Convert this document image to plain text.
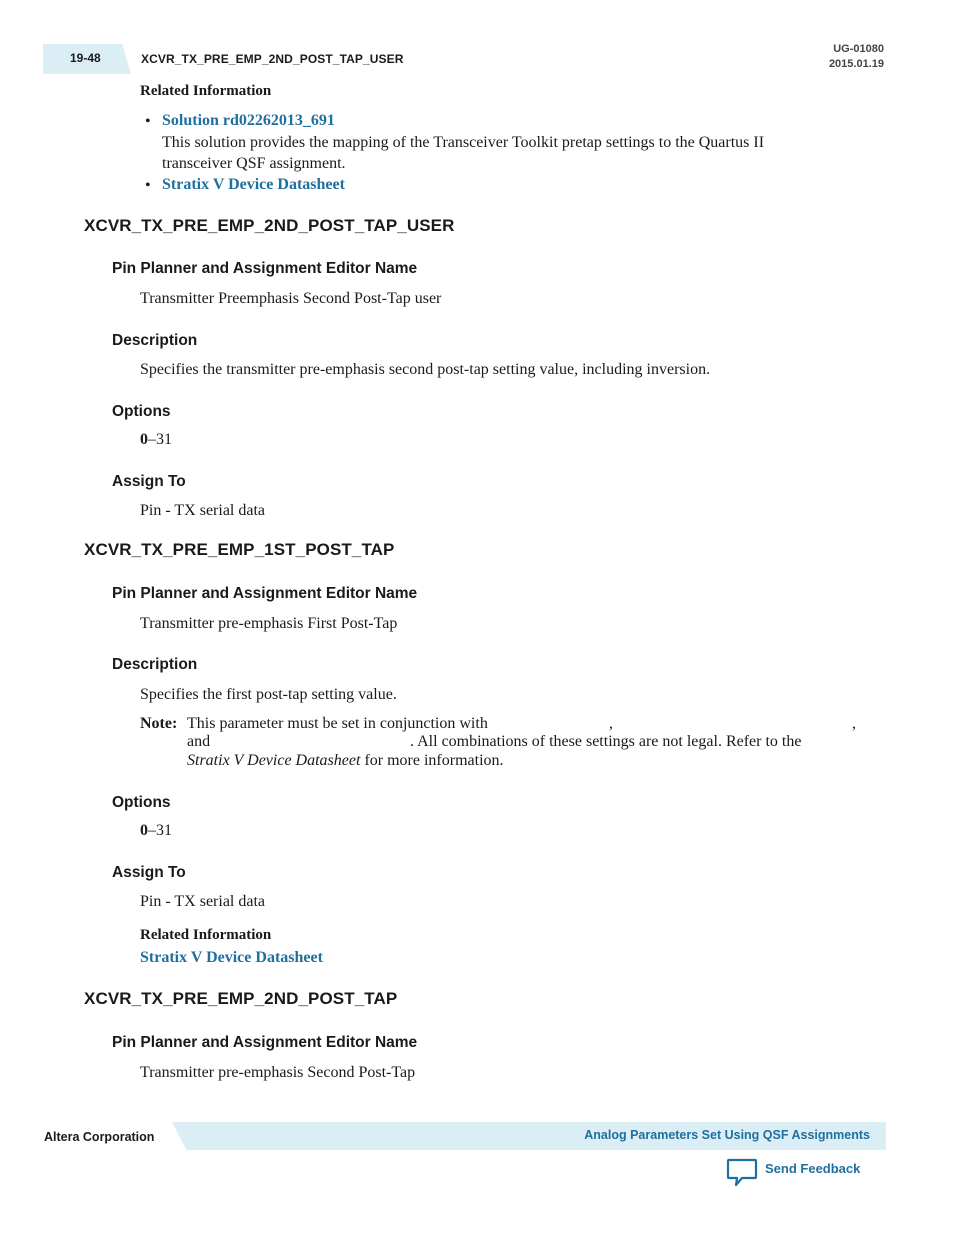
19-48	XCVR_TX_PRE_EMP_2ND_POST_TAP_USER
UG-01080
2015.01.19
Related Information
• Solution rd02262013_691
This solution provides the mapping of the Transceiver Toolkit pretap settings to the Quartus II
transceiver QSF assignment.
• Stratix V Device Datasheet
XCVR_TX_PRE_EMP_2ND_POST_TAP_USER
Pin Planner and Assignment Editor Name
Transmitter Preemphasis Second Post-Tap user
Description
Specifies the transmitter pre-emphasis second post-tap setting value, including inversion.
Options
0–31
Assign To
Pin - TX serial data
XCVR_TX_PRE_EMP_1ST_POST_TAP
Pin Planner and Assignment Editor Name
Transmitter pre-emphasis First Post-Tap
Description
Specifies the first post-tap setting value.
Note: This parameter must be set in conjunction with	,	,
and	. All combinations of these settings are not legal. Refer to the
Stratix V Device Datasheet for more information.
Options
0–31
Assign To
Pin - TX serial data
Related Information
Stratix V Device Datasheet
XCVR_TX_PRE_EMP_2ND_POST_TAP
Pin Planner and Assignment Editor Name
Transmitter pre-emphasis Second Post-Tap
Altera Corporation	Analog Parameters Set Using QSF Assignments
Send Feedback
